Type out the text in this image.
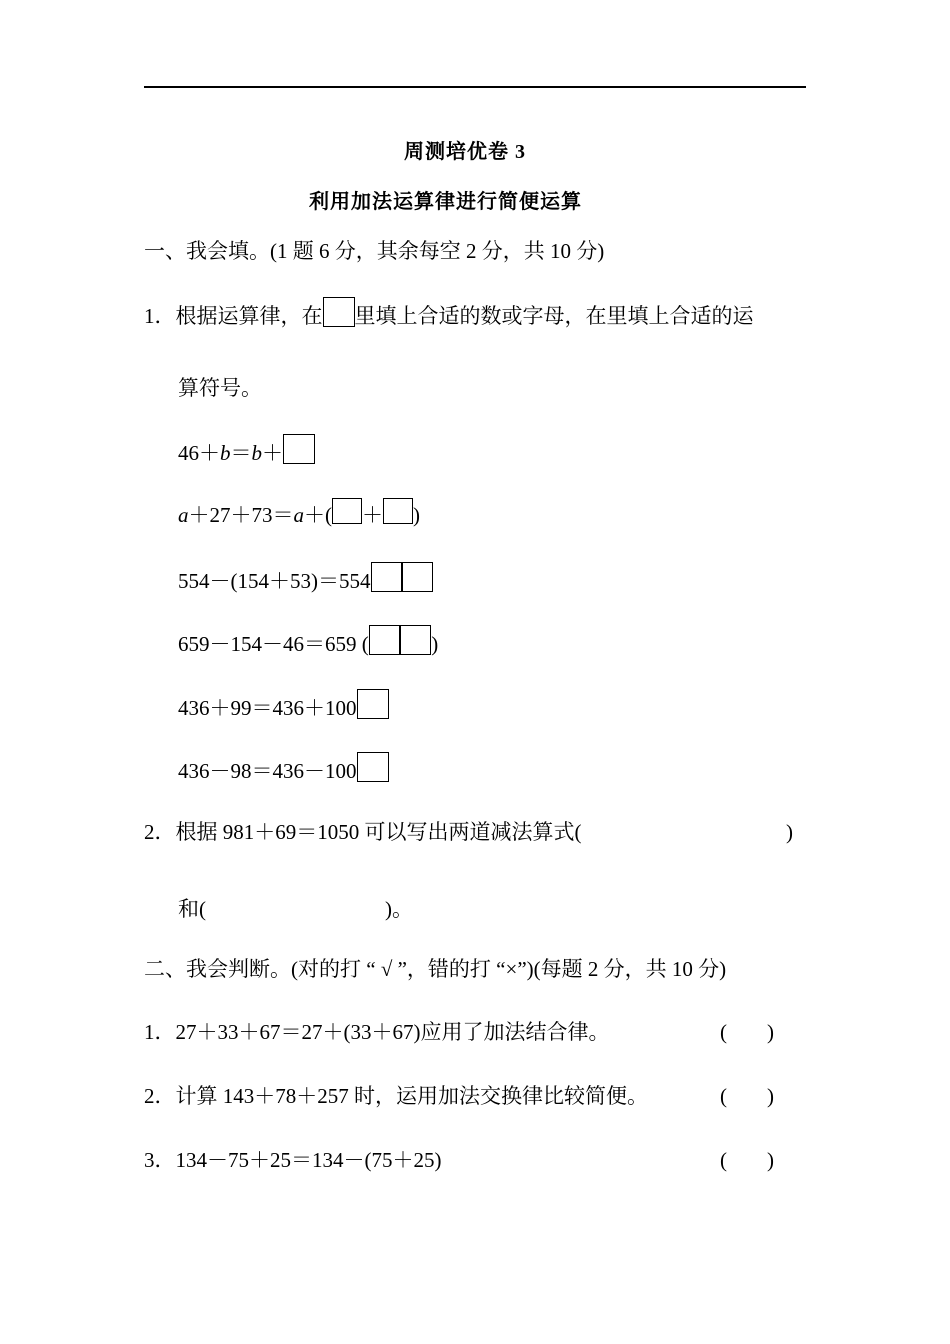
周测培优卷 3
利用加法运算律进行简便运算
一、我会填。(1 题 6 分，其余每空 2 分，共 10 分)
1．根据运算律，在 里填上合适的数或字母，在里填上合适的运
算符号。
46＋b＝b＋
a＋27＋73＝a＋( ＋ )
554－(154＋53)＝554
659－154－46＝659 (	)
436＋99＝436＋100
436－98＝436－100
2．根据 981＋69＝1050 可以写出两道减法算式(	)
和(	)。
二、我会判断。(对的打 “ √ ”，错的打 “×”)(每题 2 分，共 10 分)
1．27＋33＋67＝27＋(33＋67)应用了加法结合律。	( )
2．计算 143＋78＋257 时，运用加法交换律比较简便。	( )
3．134－75＋25＝134－(75＋25)	( )
